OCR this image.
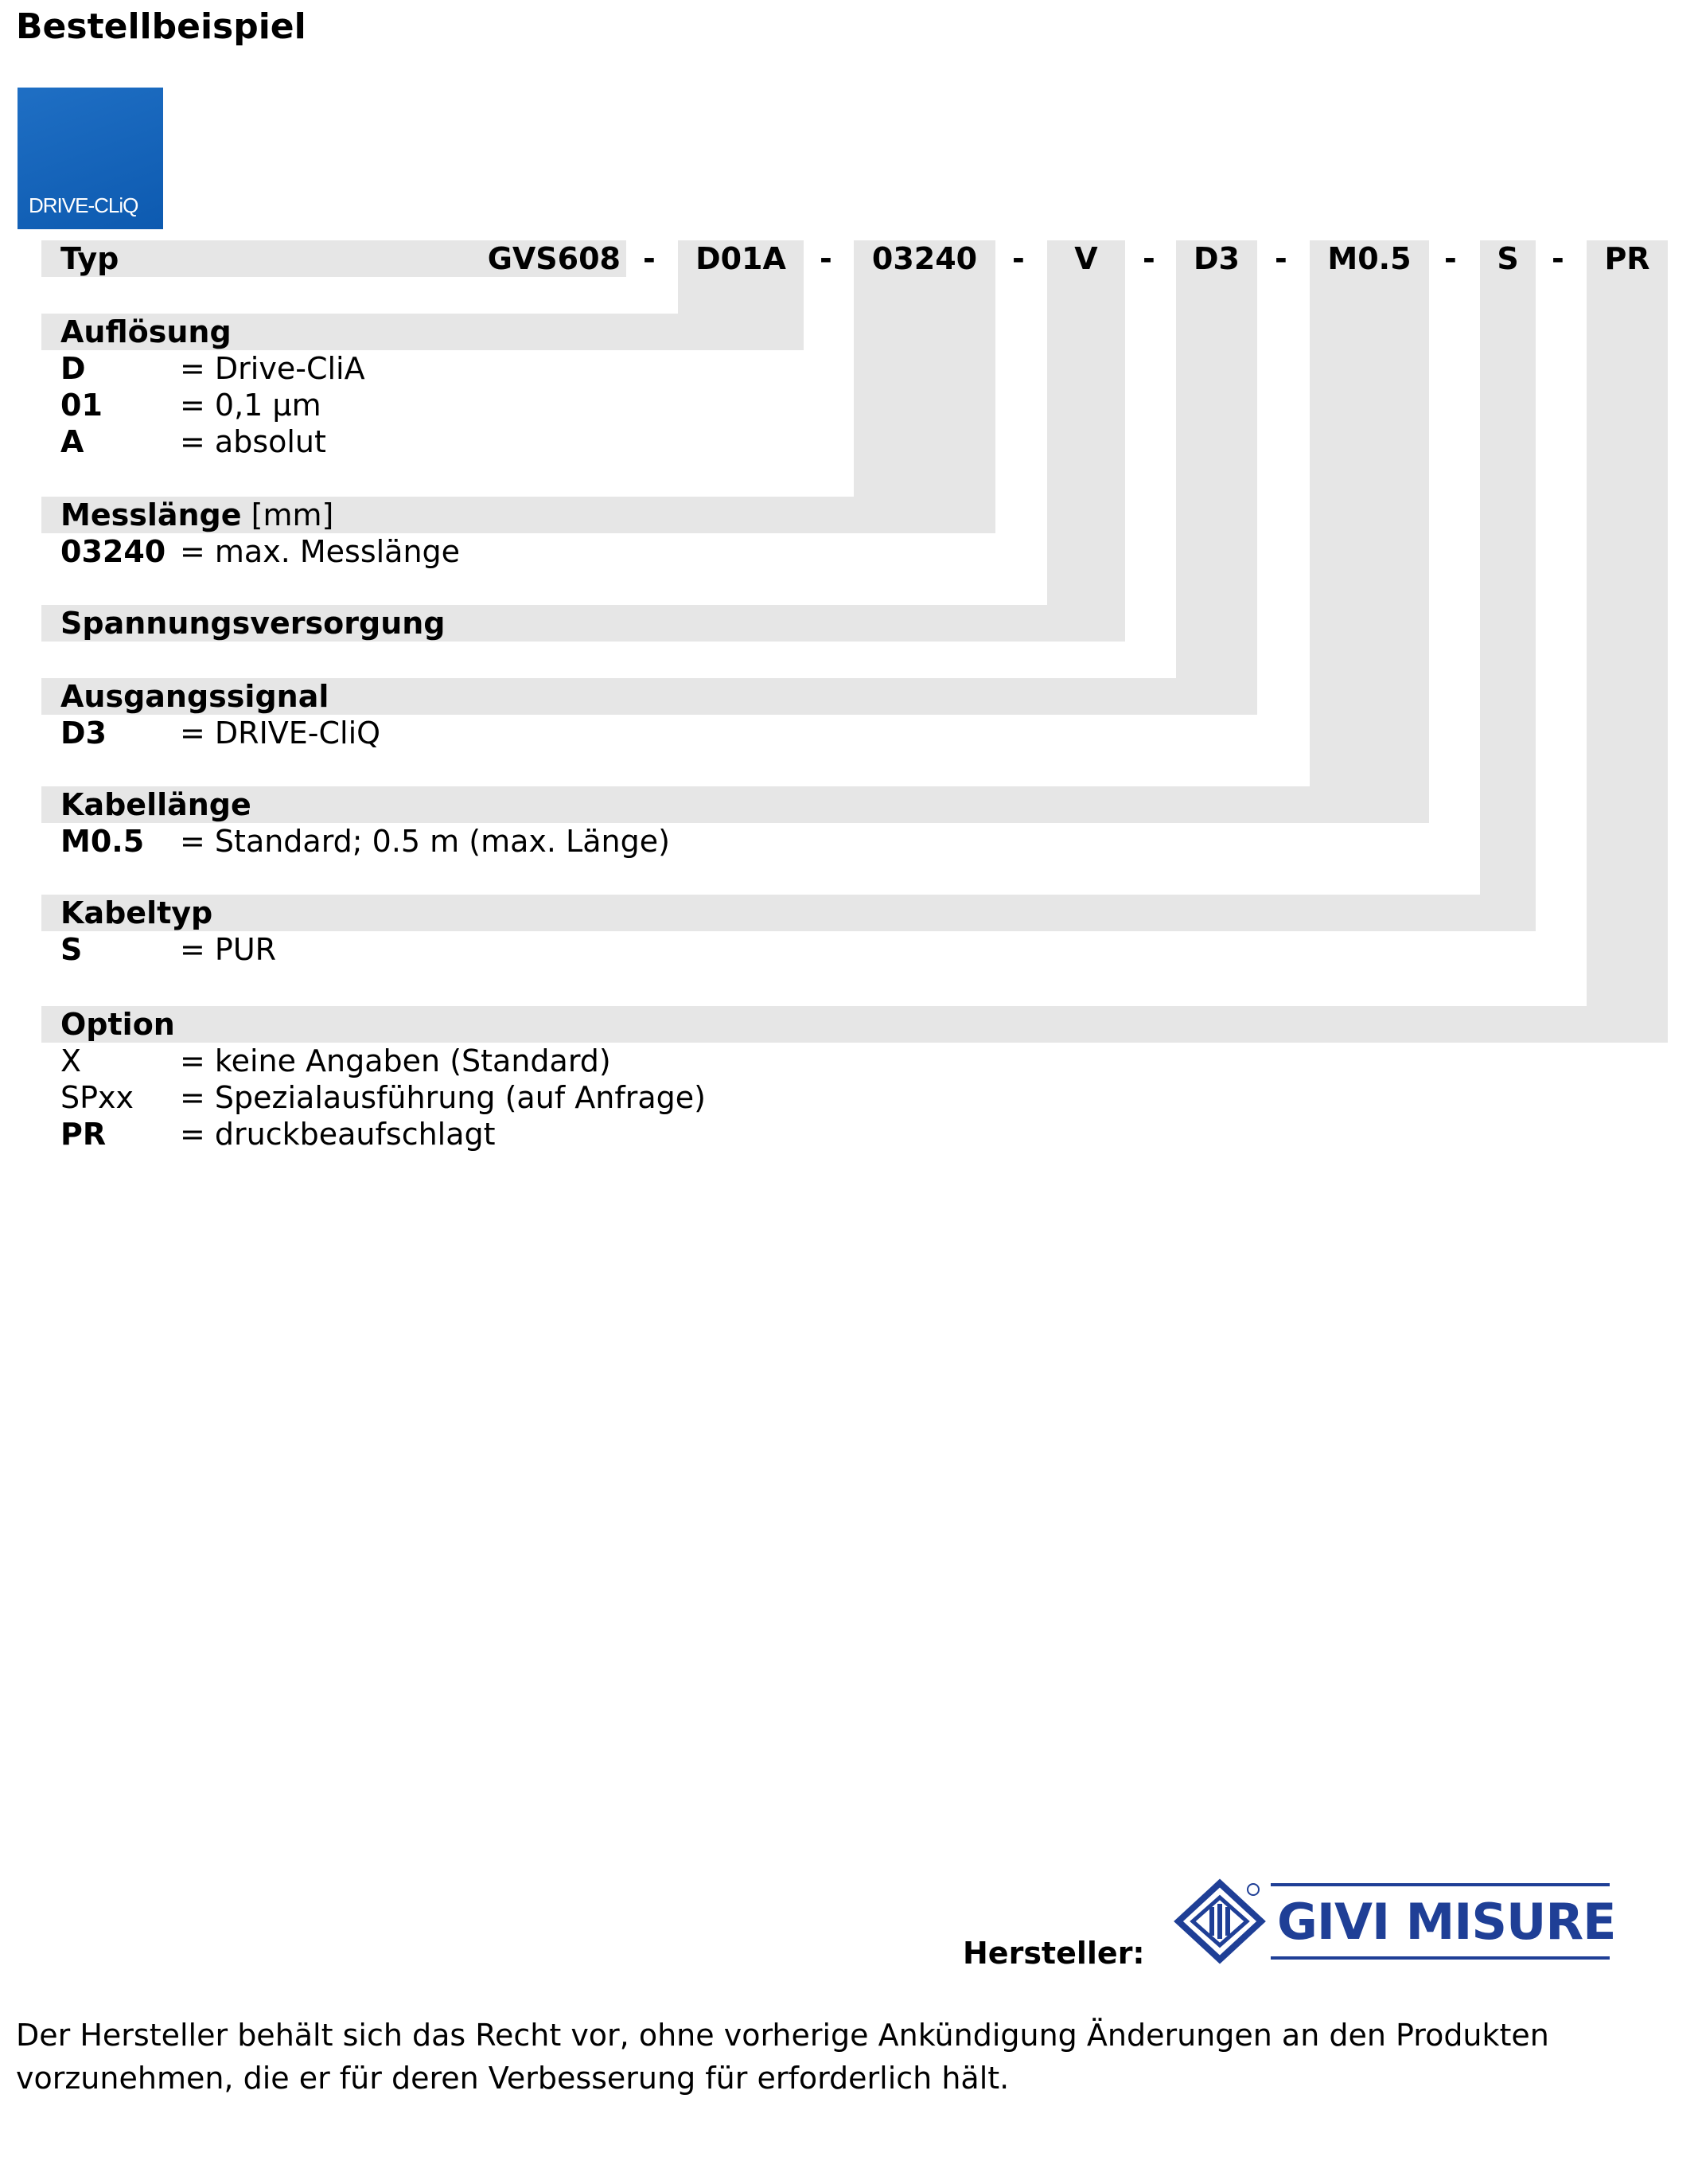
Bestellbeispiel
DRIVE-CLiQ
Typ	GVS608 -	D01A	-	03240	-	V	-	D3	-	M0.5	-	S	-	PR
Auflösung
D	= Drive-CliA
01	= 0,1 µm
A	= absolut
Messlänge [mm]
03240 = max. Messlänge
Spannungsversorgung
Ausgangssignal
D3 = DRIVE-CliQ
Kabellänge
M0.5 = Standard; 0.5 m (max. Länge)
Kabeltyp
S	= PUR
Option
X	= keine Angaben (Standard)
SPxx = Spezialausführung (auf Anfrage)
PR = druckbeaufschlagt
Hersteller:
GIVI MISURE
Der Hersteller behält sich das Recht vor, ohne vorherige Ankündigung Änderungen an den Produkten vorzunehmen, die er für deren Verbesserung für erforderlich hält.
